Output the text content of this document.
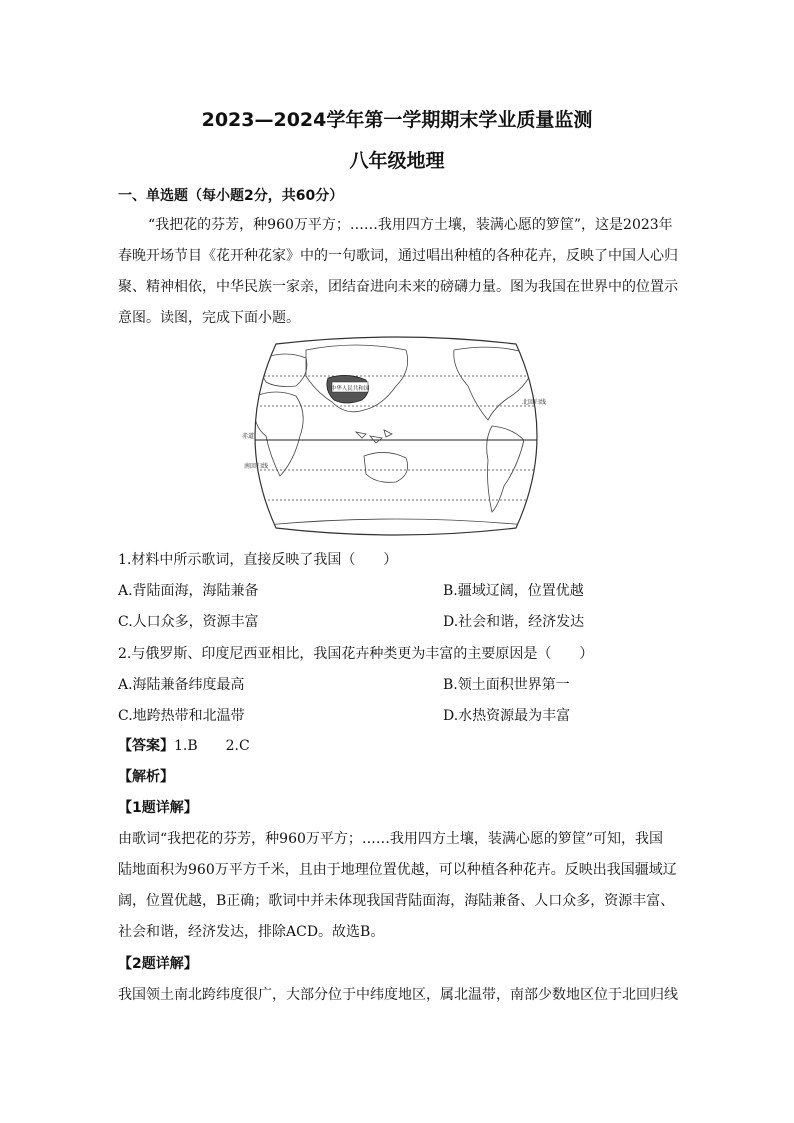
2023—2024学年第一学期期末学业质量监测
八年级地理
一、单选题（每小题2分，共60分）
“我把花的芬芳，种960万平方；……我用四方土壤，装满心愿的箩筐”，这是2023年
春晚开场节目《花开种花家》中的一句歌词，通过唱出种植的各种花卉，反映了中国人心归
聚、精神相依，中华民族一家亲，团结奋进向未来的磅礴力量。图为我国在世界中的位置示
意图。读图，完成下面小题。
中华人民共和国
北回归线
赤道
南回归线
1.材料中所示歌词，直接反映了我国（　　）
A.背陆面海，海陆兼备	B.疆域辽阔，位置优越
C.人口众多，资源丰富	D.社会和谐，经济发达
2.与俄罗斯、印度尼西亚相比，我国花卉种类更为丰富的主要原因是（　　）
A.海陆兼备纬度最高	B.领土面积世界第一
C.地跨热带和北温带	D.水热资源最为丰富
【答案】1.B　　2.C
【解析】
【1题详解】
由歌词“我把花的芬芳，种960万平方；……我用四方土壤，装满心愿的箩筐”可知，我国
陆地面积为960万平方千米，且由于地理位置优越，可以种植各种花卉。反映出我国疆域辽
阔，位置优越，B正确；歌词中并未体现我国背陆面海，海陆兼备、人口众多，资源丰富、
社会和谐，经济发达，排除ACD。故选B。
【2题详解】
我国领土南北跨纬度很广，大部分位于中纬度地区，属北温带，南部少数地区位于北回归线
